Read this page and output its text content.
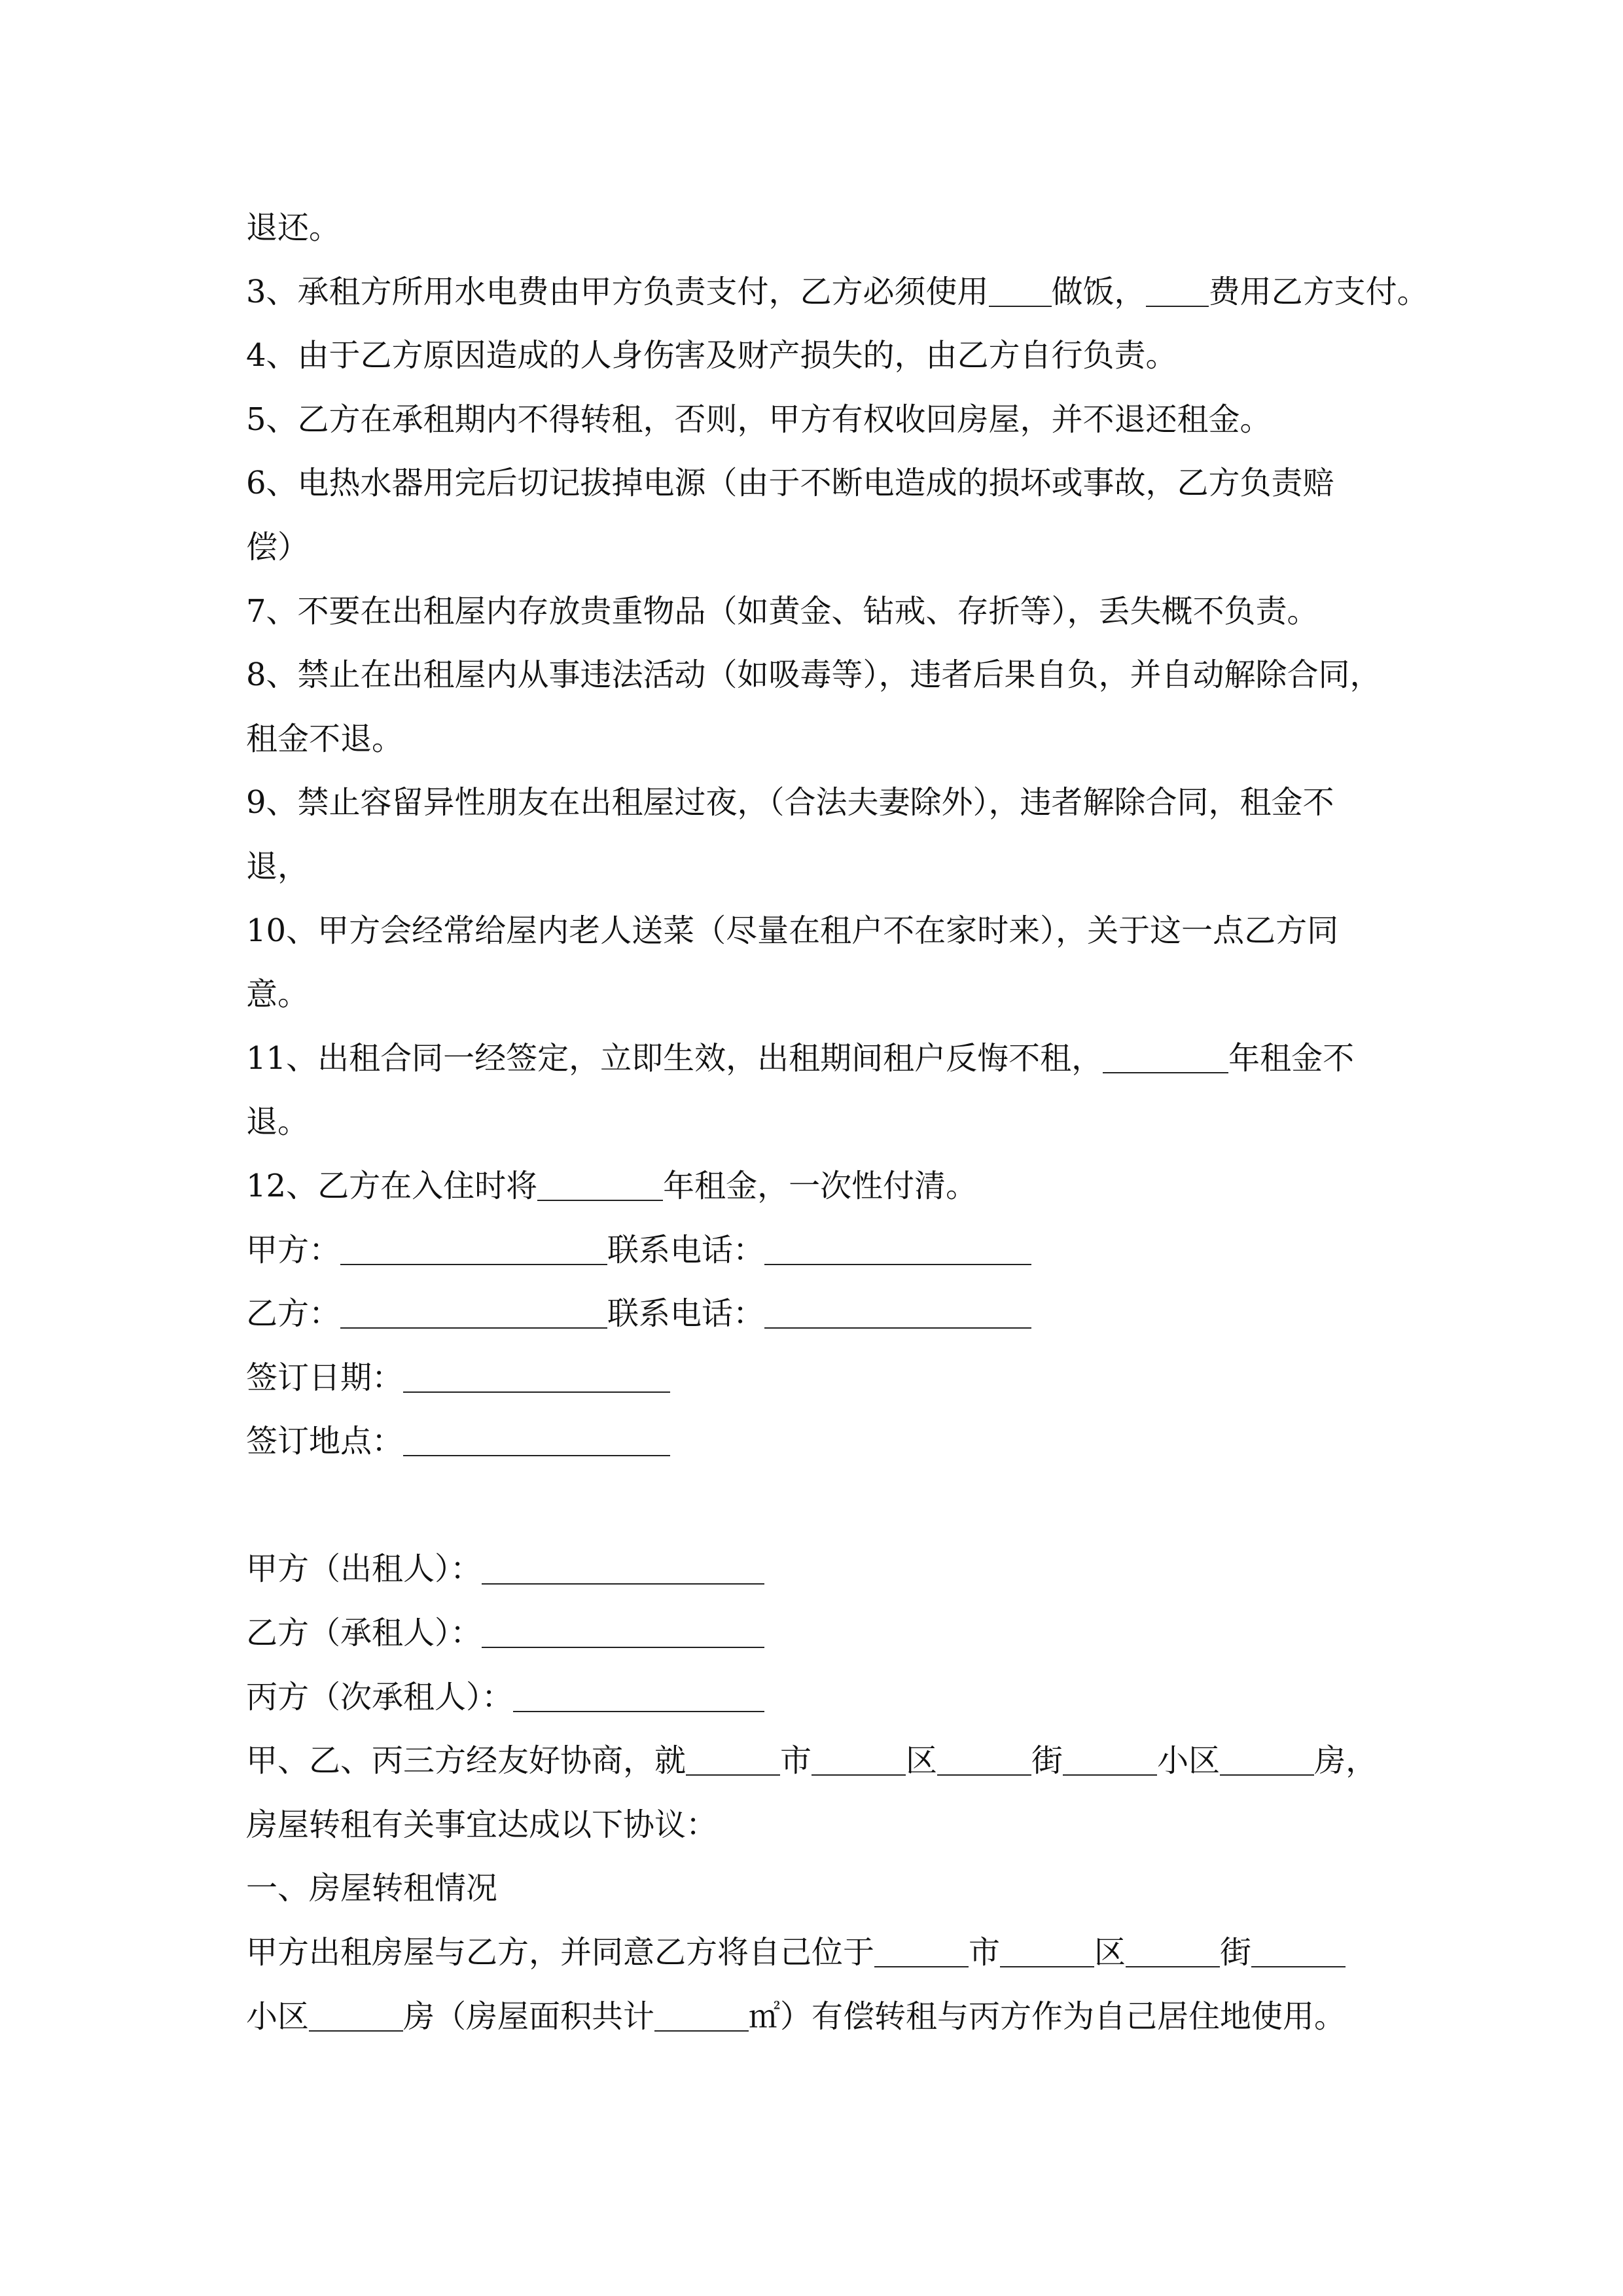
退还。
3、承租方所用水电费由甲方负责支付，乙方必须使用 做饭， 费用乙方支付。
4、由于乙方原因造成的人身伤害及财产损失的，由乙方自行负责。
5、乙方在承租期内不得转租，否则，甲方有权收回房屋，并不退还租金。
6、电热水器用完后切记拔掉电源（由于不断电造成的损坏或事故，乙方负责赔
偿）
7、不要在出租屋内存放贵重物品（如黄金、钻戒、存折等），丢失概不负责。
8、禁止在出租屋内从事违法活动（如吸毒等），违者后果自负，并自动解除合同，
租金不退。
9、禁止容留异性朋友在出租屋过夜，（合法夫妻除外），违者解除合同，租金不
退，
10、甲方会经常给屋内老人送菜（尽量在租户不在家时来），关于这一点乙方同
意。
11、出租合同一经签定，立即生效，出租期间租户反悔不租，	年租金不
退。
12、乙方在入住时将	年租金，一次性付清。
甲方：	联系电话：
乙方：	联系电话：
签订日期：
签订地点：
甲方（出租人）：
乙方（承租人）：
丙方（次承租人）：
甲、乙、丙三方经友好协商，就	市	区	街	小区	房，
房屋转租有关事宜达成以下协议：
一、房屋转租情况
甲方出租房屋与乙方，并同意乙方将自己位于	市	区	街
小区	房（房屋面积共计	㎡）有偿转租与丙方作为自己居住地使用。
